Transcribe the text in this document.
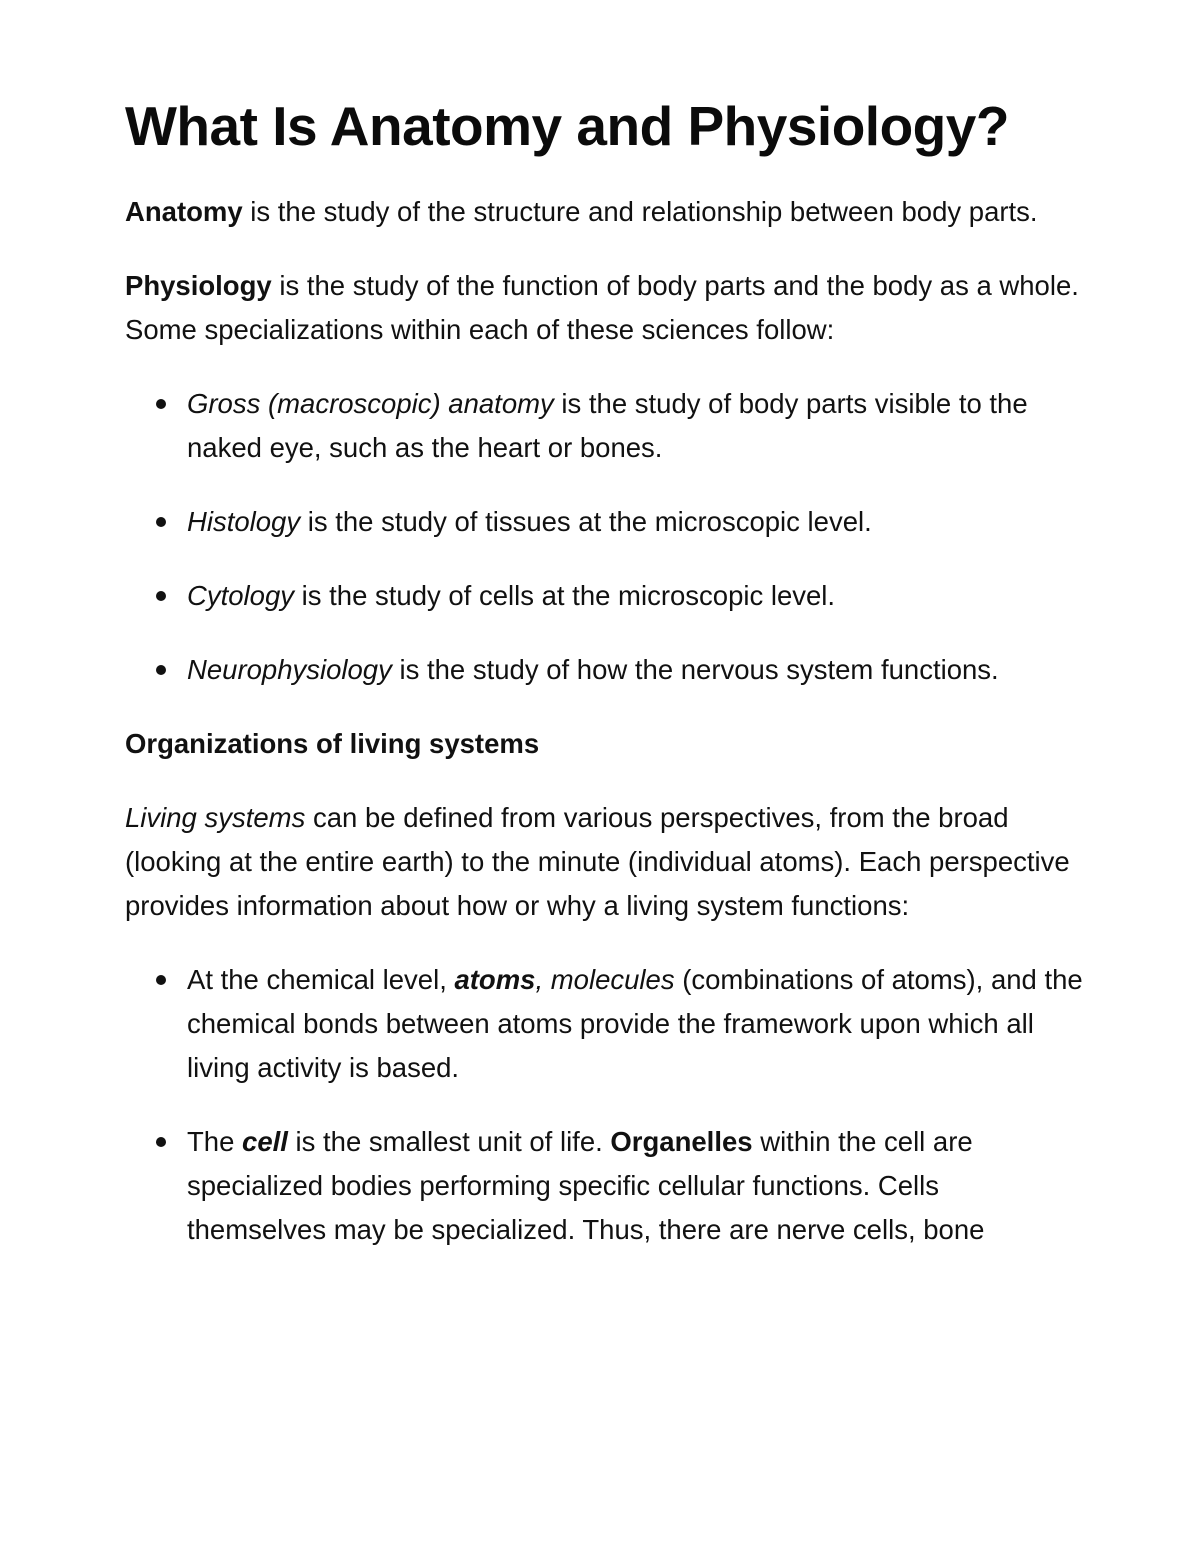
What Is Anatomy and Physiology?

Anatomy is the study of the structure and relationship between body parts.

Physiology is the study of the function of body parts and the body as a whole. Some specializations within each of these sciences follow:

Gross (macroscopic) anatomy is the study of body parts visible to the naked eye, such as the heart or bones.
Histology is the study of tissues at the microscopic level.
Cytology is the study of cells at the microscopic level.
Neurophysiology is the study of how the nervous system functions.
Organizations of living systems

Living systems can be defined from various perspectives, from the broad (looking at the entire earth) to the minute (individual atoms). Each perspective provides information about how or why a living system functions:

At the chemical level, atoms, molecules (combinations of atoms), and the chemical bonds between atoms provide the framework upon which all living activity is based.
The cell is the smallest unit of life. Organelles within the cell are specialized bodies performing specific cellular functions. Cells themselves may be specialized. Thus, there are nerve cells, bone
